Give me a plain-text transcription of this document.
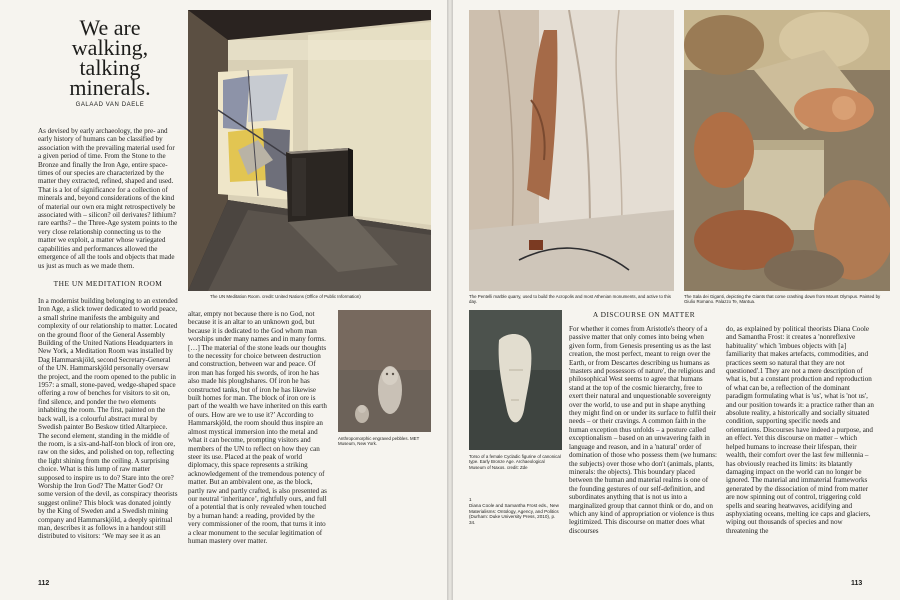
We are walking, talking minerals.
GALAAD VAN DAELE

As devised by early archaeology, the pre- and early history of humans can be classified by association with the prevailing material used for a given period of time. From the Stone to the Bronze and finally the Iron Age, entire space-times of our species are characterized by the matter they extracted, refined, shaped and used. That is a lot of significance for a collection of minerals and, beyond considerations of the kind of material our own era might retrospectively be associated with – silicon? oil derivates? lithium? rare earths? – the Three-Age system points to the very close relationship connecting us to the matter we exploit, a matter whose variegated capabilities and performances allowed the emergence of all the tools and objects that made us just as much as we made them.

The UN Meditation Room. credit: United Nations (Office of Public Information)
THE UN MEDITATION ROOM

In a modernist building belonging to an extended Iron Age, a slick tower dedicated to world peace, a small shrine manifests the ambiguity and complexity of our relationship to matter. Located on the ground floor of the General Assembly Building of the United Nations Headquarters in New York, a Meditation Room was installed by Dag Hammarskjöld, second Secretary-General of the UN. Hammarskjöld personally oversaw the project, and the room opened to the public in 1957: a small, stone-paved, wedge-shaped space offering a row of benches for visitors to sit on, find silence, and ponder the two elements inhabiting the room. The first, painted on the back wall, is a colourful abstract mural by Swedish painter Bo Beskow titled Altarpiece. The second element, standing in the middle of the room, is a six-and-half-ton block of iron ore, raw on the sides, and polished on top, reflecting the light shining from the ceiling. A surprising choice. What is this lump of raw matter supposed to inspire us to do? Stare into the ore? Worship the Iron God? The Matter God? Or some version of the devil, as conspiracy theorists suggest online? This block was donated jointly by the King of Sweden and a Swedish mining company and Hammarskjöld, a deeply spiritual man, describes it as follows in a handout still distributed to visitors: ‘We may see it as an

altar, empty not because there is no God, not because it is an altar to an unknown god, but because it is dedicated to the God whom man worships under many names and in many forms. […] The material of the stone leads our thoughts to the necessity for choice between destruction and construction, between war and peace. Of iron man has forged his swords, of iron he has also made his ploughshares. Of iron he has constructed tanks, but of iron he has likewise built homes for man. The block of iron ore is part of the wealth we have inherited on this earth of ours. How are we to use it?’ According to Hammarskjöld, the room should thus inspire an almost mystical immersion into the metal and what it can become, prompting visitors and members of the UN to reflect on how they can steer its use. Placed at the peak of world diplomacy, this space represents a striking acknowledgement of the tremendous potency of matter. But an ambivalent one, as the block, partly raw and partly crafted, is also presented as our neutral ‘inheritance’, rightfully ours, and full of a potential that is only revealed when touched by a human hand: a reading, provided by the very commissioner of the room, that turns it into a clear monument to the secular legitimation of human mastery over matter.

Anthropomorphic engraved pebbles. MET Museum, New York.
112
The Pentelli marble quarry, used to build the Acropolis and most Athenian monuments, and active to this day.
The Sala dei Giganti, depicting the Giants that come crashing down from Mount Olympus. Painted by Giulio Romano. Palazzo Te, Mantua.
Torso of a female Cycladic figurine of canonical type. Early Bronze Age. Archaeological Museum of Naxos. credit: Zde
1
Diana Coole and Samantha Frost eds., New Materialisms: Ontology, Agency, and Politics (Durham: Duke University Press, 2010), p. 34.
A DISCOURSE ON MATTER

For whether it comes from Aristotle's theory of a passive matter that only comes into being when given form, from Genesis presenting us as the last creation, the most perfect, meant to reign over the Earth, or from Descartes describing us humans as 'masters and possessors of nature', the religious and philosophical West seems to agree that humans stand at the top of the cosmic hierarchy, free to exert their natural and unquestionable sovereignty over the world, to use and put in shape anything they might find on or under its surface to fulfil their needs – or their cravings. A common faith in the human exception thus unfolds – a posture called exceptionalism – based on an unwavering faith in language and reason, and in a 'natural' order of domination of those who possess them (we humans: the subjects) over those who don't (animals, plants, minerals: the objects). This boundary placed between the human and material realms is one of the founding gestures of our self-definition, and subordinates anything that is not us into a marginalized group that cannot think or do, and on which any kind of appropriation or violence is thus legitimized. This discourse on matter does what discourses

do, as explained by political theorists Diana Coole and Samantha Frost: it creates a 'nonreflexive habituality' which 'imbues objects with [a] familiarity that makes artefacts, commodities, and practices seem so natural that they are not questioned'.1 They are not a mere description of what is, but a constant production and reproduction of what can be, a reflection of the dominant paradigm formulating what is 'us', what is 'not us', and our position towards it: a practice rather than an absolute reality, a historically and socially situated condition, supporting specific needs and orientations. Discourses have indeed a purpose, and an effect. Yet this discourse on matter – which helped humans to increase their lifespan, their wealth, their comfort over the last few millennia – has obviously reached its limits: its blatantly damaging impact on the world can no longer be ignored. The material and immaterial frameworks generated by the dissociation of mind from matter are now spinning out of control, triggering cold spells and searing heatwaves, acidifying and asphyxiating oceans, melting ice caps and glaciers, wiping out thousands of species and now threatening the

113
